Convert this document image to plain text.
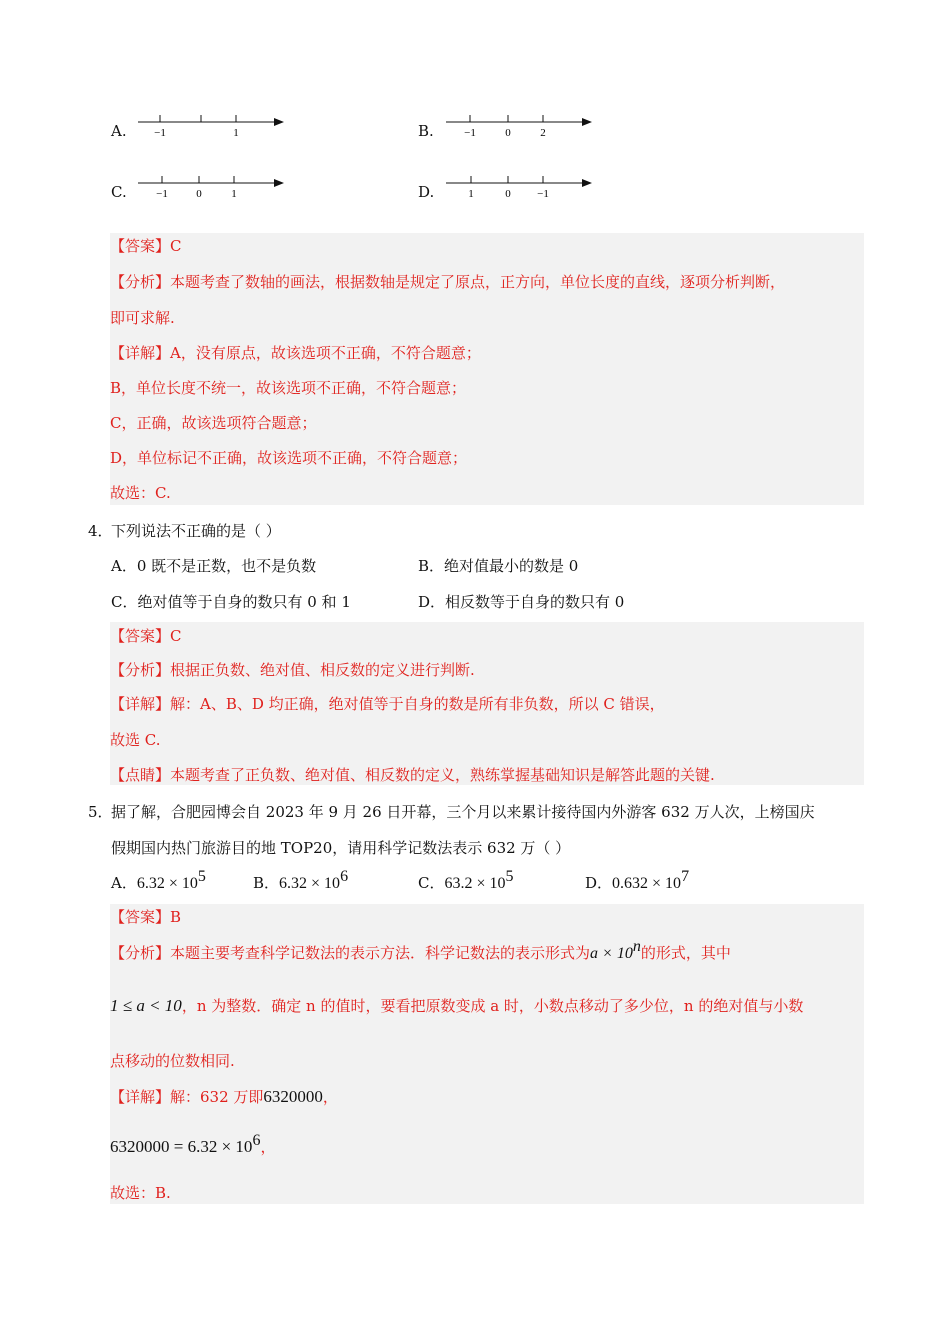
A.	−1	1	B.	−1	0	2
C.	−1	0	1	D.	1	0 −1
【答案】C
【分析】本题考查了数轴的画法，根据数轴是规定了原点，正方向，单位长度的直线，逐项分析判断，
即可求解.
【详解】A，没有原点，故该选项不正确，不符合题意；
B，单位长度不统一，故该选项不正确，不符合题意；
C，正确，故该选项符合题意；
D，单位标记不正确，故该选项不正确，不符合题意；
故选：C.
4．
下列说法不正确的是（ ）
A．0 既不是正数，也不是负数	B．绝对值最小的数是 0
C．绝对值等于自身的数只有 0 和 1	D．相反数等于自身的数只有 0
【答案】C
【分析】根据正负数、绝对值、相反数的定义进行判断.
【详解】解：A、B、D 均正确，绝对值等于自身的数是所有非负数，所以 C 错误，
故选 C.
【点睛】本题考查了正负数、绝对值、相反数的定义，熟练掌握基础知识是解答此题的关键.
5．
据了解，合肥园博会自 2023 年 9 月 26 日开幕，三个月以来累计接待国内外游客 632 万人次，上榜国庆
假期国内热门旅游目的地 TOP20，请用科学记数法表示 632 万（ ）
A．$6.32 \times 10^5$	B．$6.32 \times 10^6$	C．$63.2 \times 10^5$	D．$0.632 \times 10^7$
【答案】B
【分析】本题主要考查科学记数法的表示方法．科学记数法的表示形式为$a \times 10^n$的形式，其中
1 ≤ a < 10，n 为整数．确定 n 的值时，要看把原数变成 a 时，小数点移动了多少位，n 的绝对值与小数
点移动的位数相同.
【详解】解：632 万即6320000，
$6320000 = 6.32 \times 10^6$，
故选：B.
